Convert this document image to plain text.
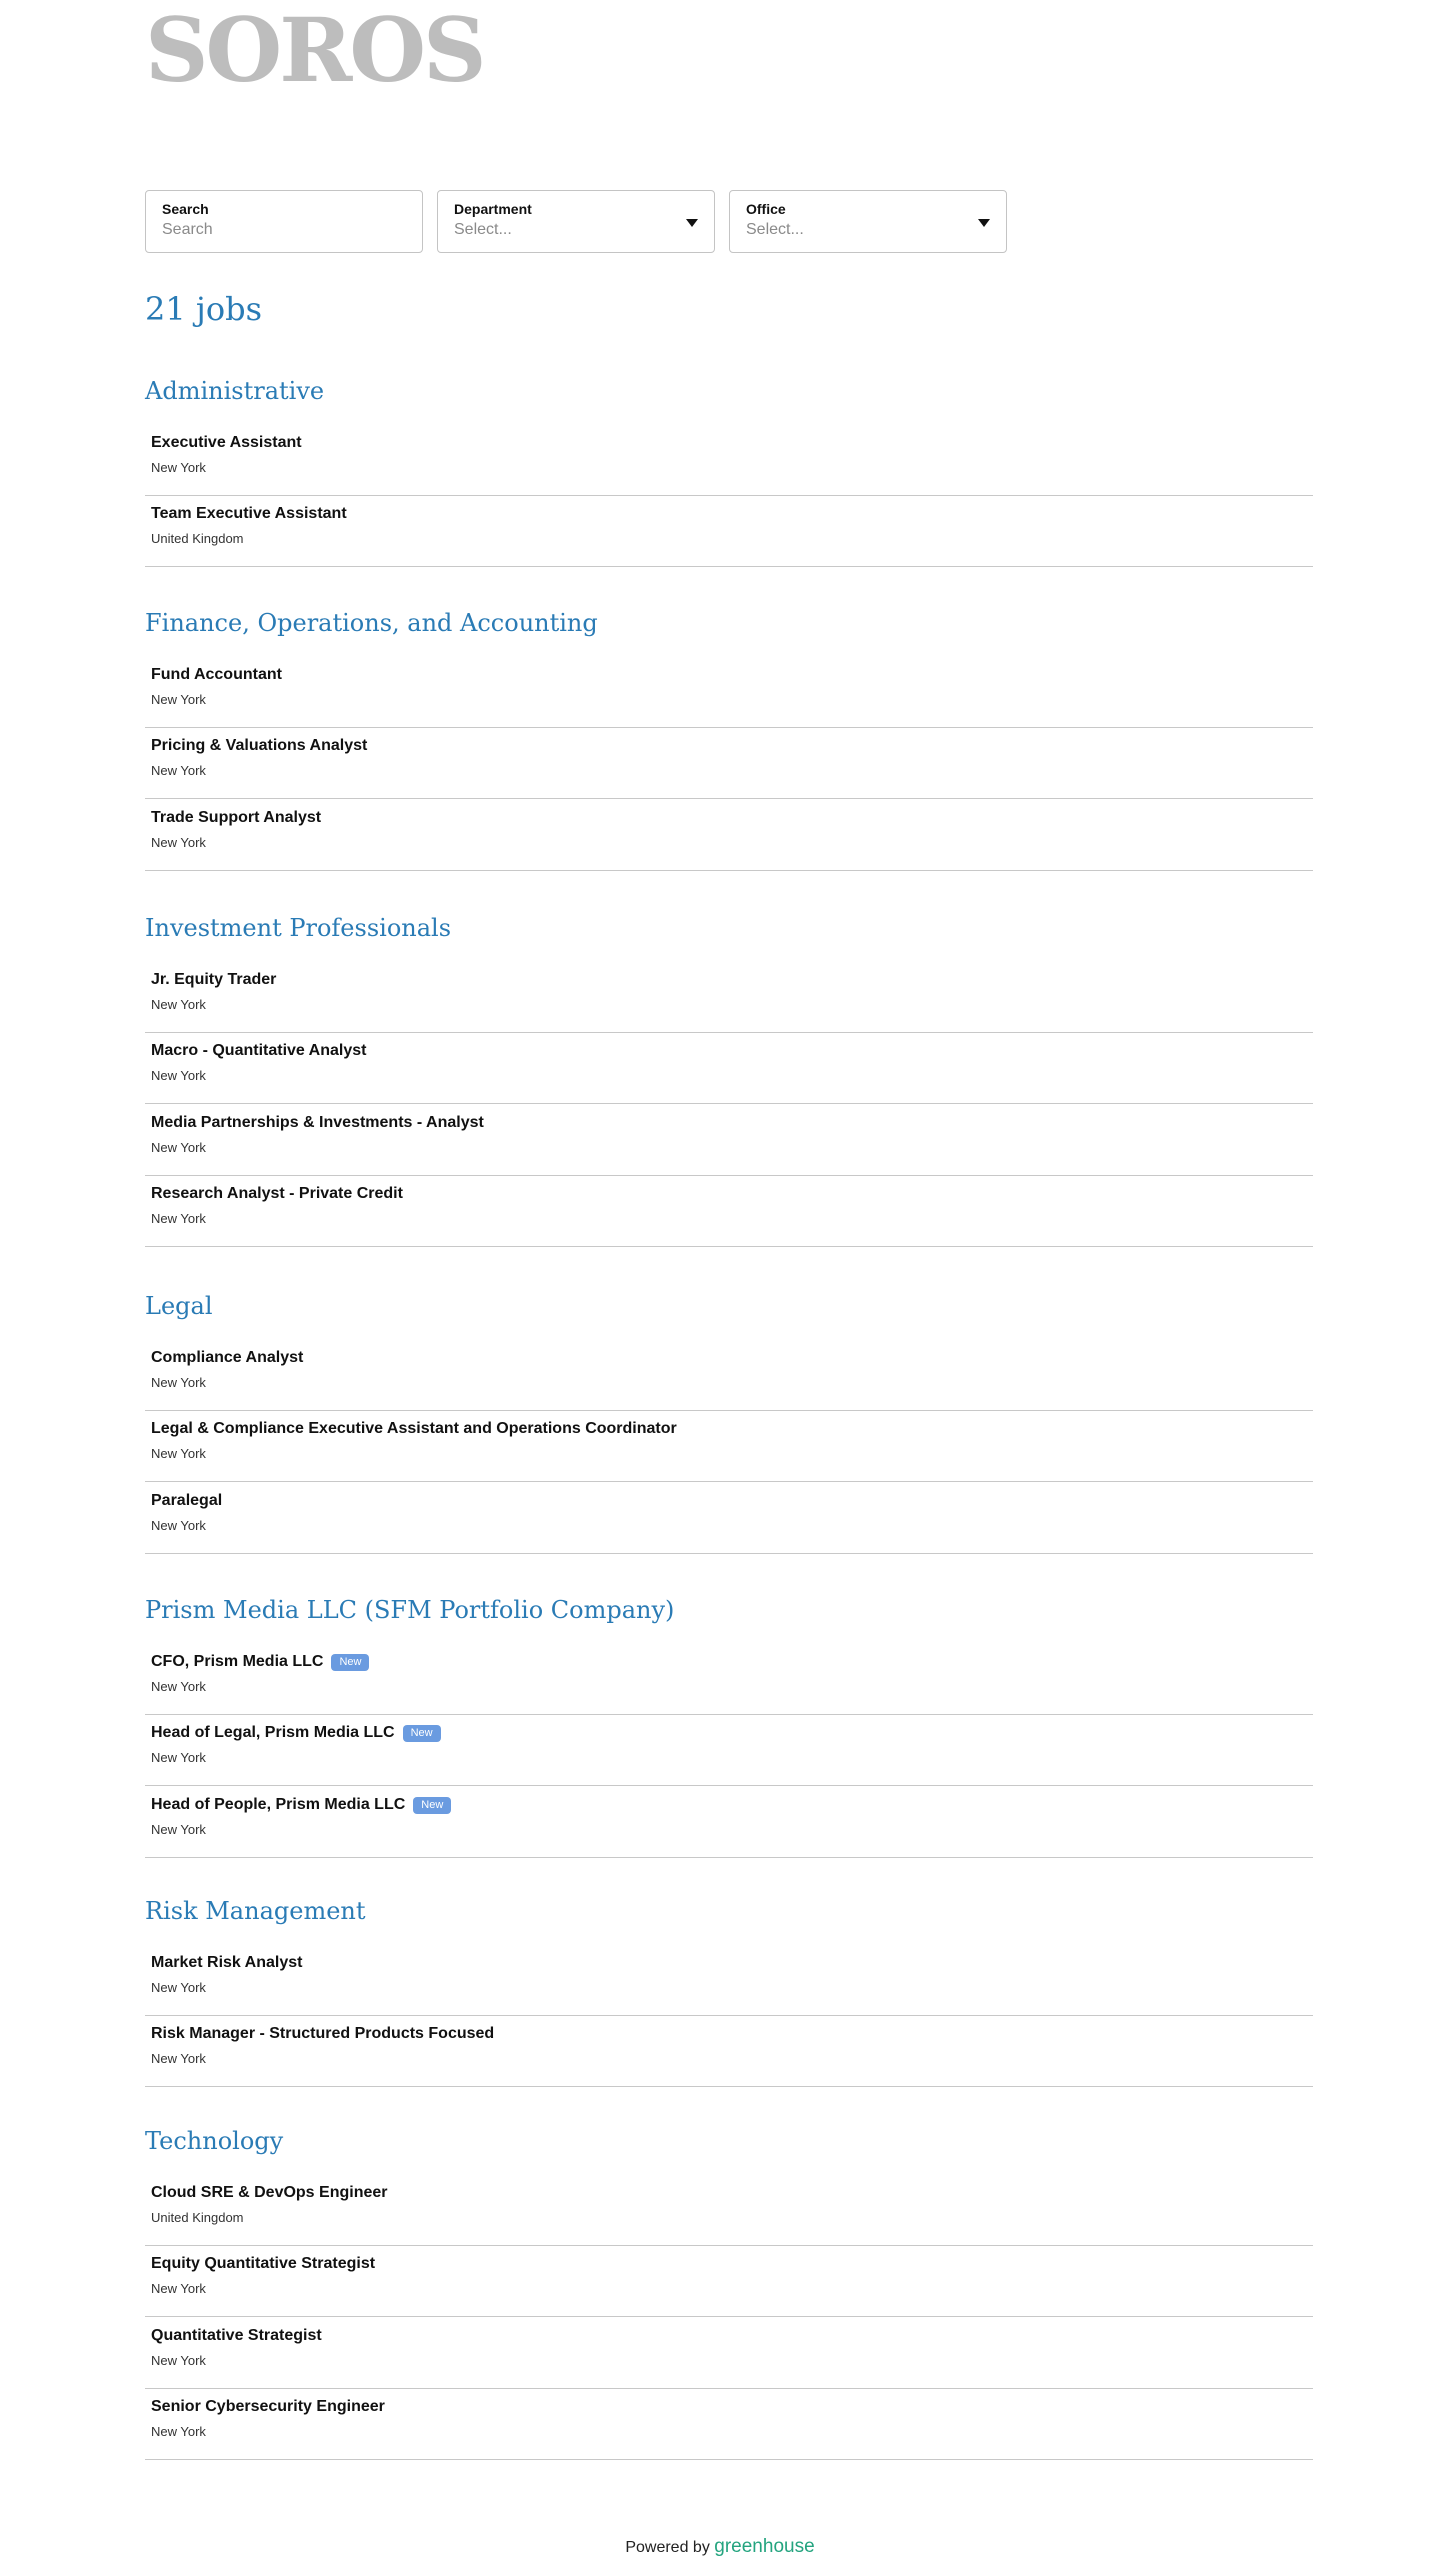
SOROS
Search
Search	Department
Select...
Office
Select...
21 jobs
Administrative
Executive Assistant
New York
Team Executive Assistant
United Kingdom
Finance, Operations, and Accounting
Fund Accountant
New York
Pricing & Valuations Analyst
New York
Trade Support Analyst
New York
Investment Professionals
Jr. Equity Trader
New York
Macro - Quantitative Analyst
New York
Media Partnerships & Investments - Analyst
New York
Research Analyst - Private Credit
New York
Legal
Compliance Analyst
New York
Legal & Compliance Executive Assistant and Operations Coordinator
New York
Paralegal
New York
Prism Media LLC (SFM Portfolio Company)
CFO, Prism Media LLC	New
New York
Head of Legal, Prism Media LLC	New
New York
Head of People, Prism Media LLC	New
New York
Risk Management
Market Risk Analyst
New York
Risk Manager - Structured Products Focused
New York
Technology
Cloud SRE & DevOps Engineer
United Kingdom
Equity Quantitative Strategist
New York
Quantitative Strategist
New York
Senior Cybersecurity Engineer
New York
Powered by greenhouse
